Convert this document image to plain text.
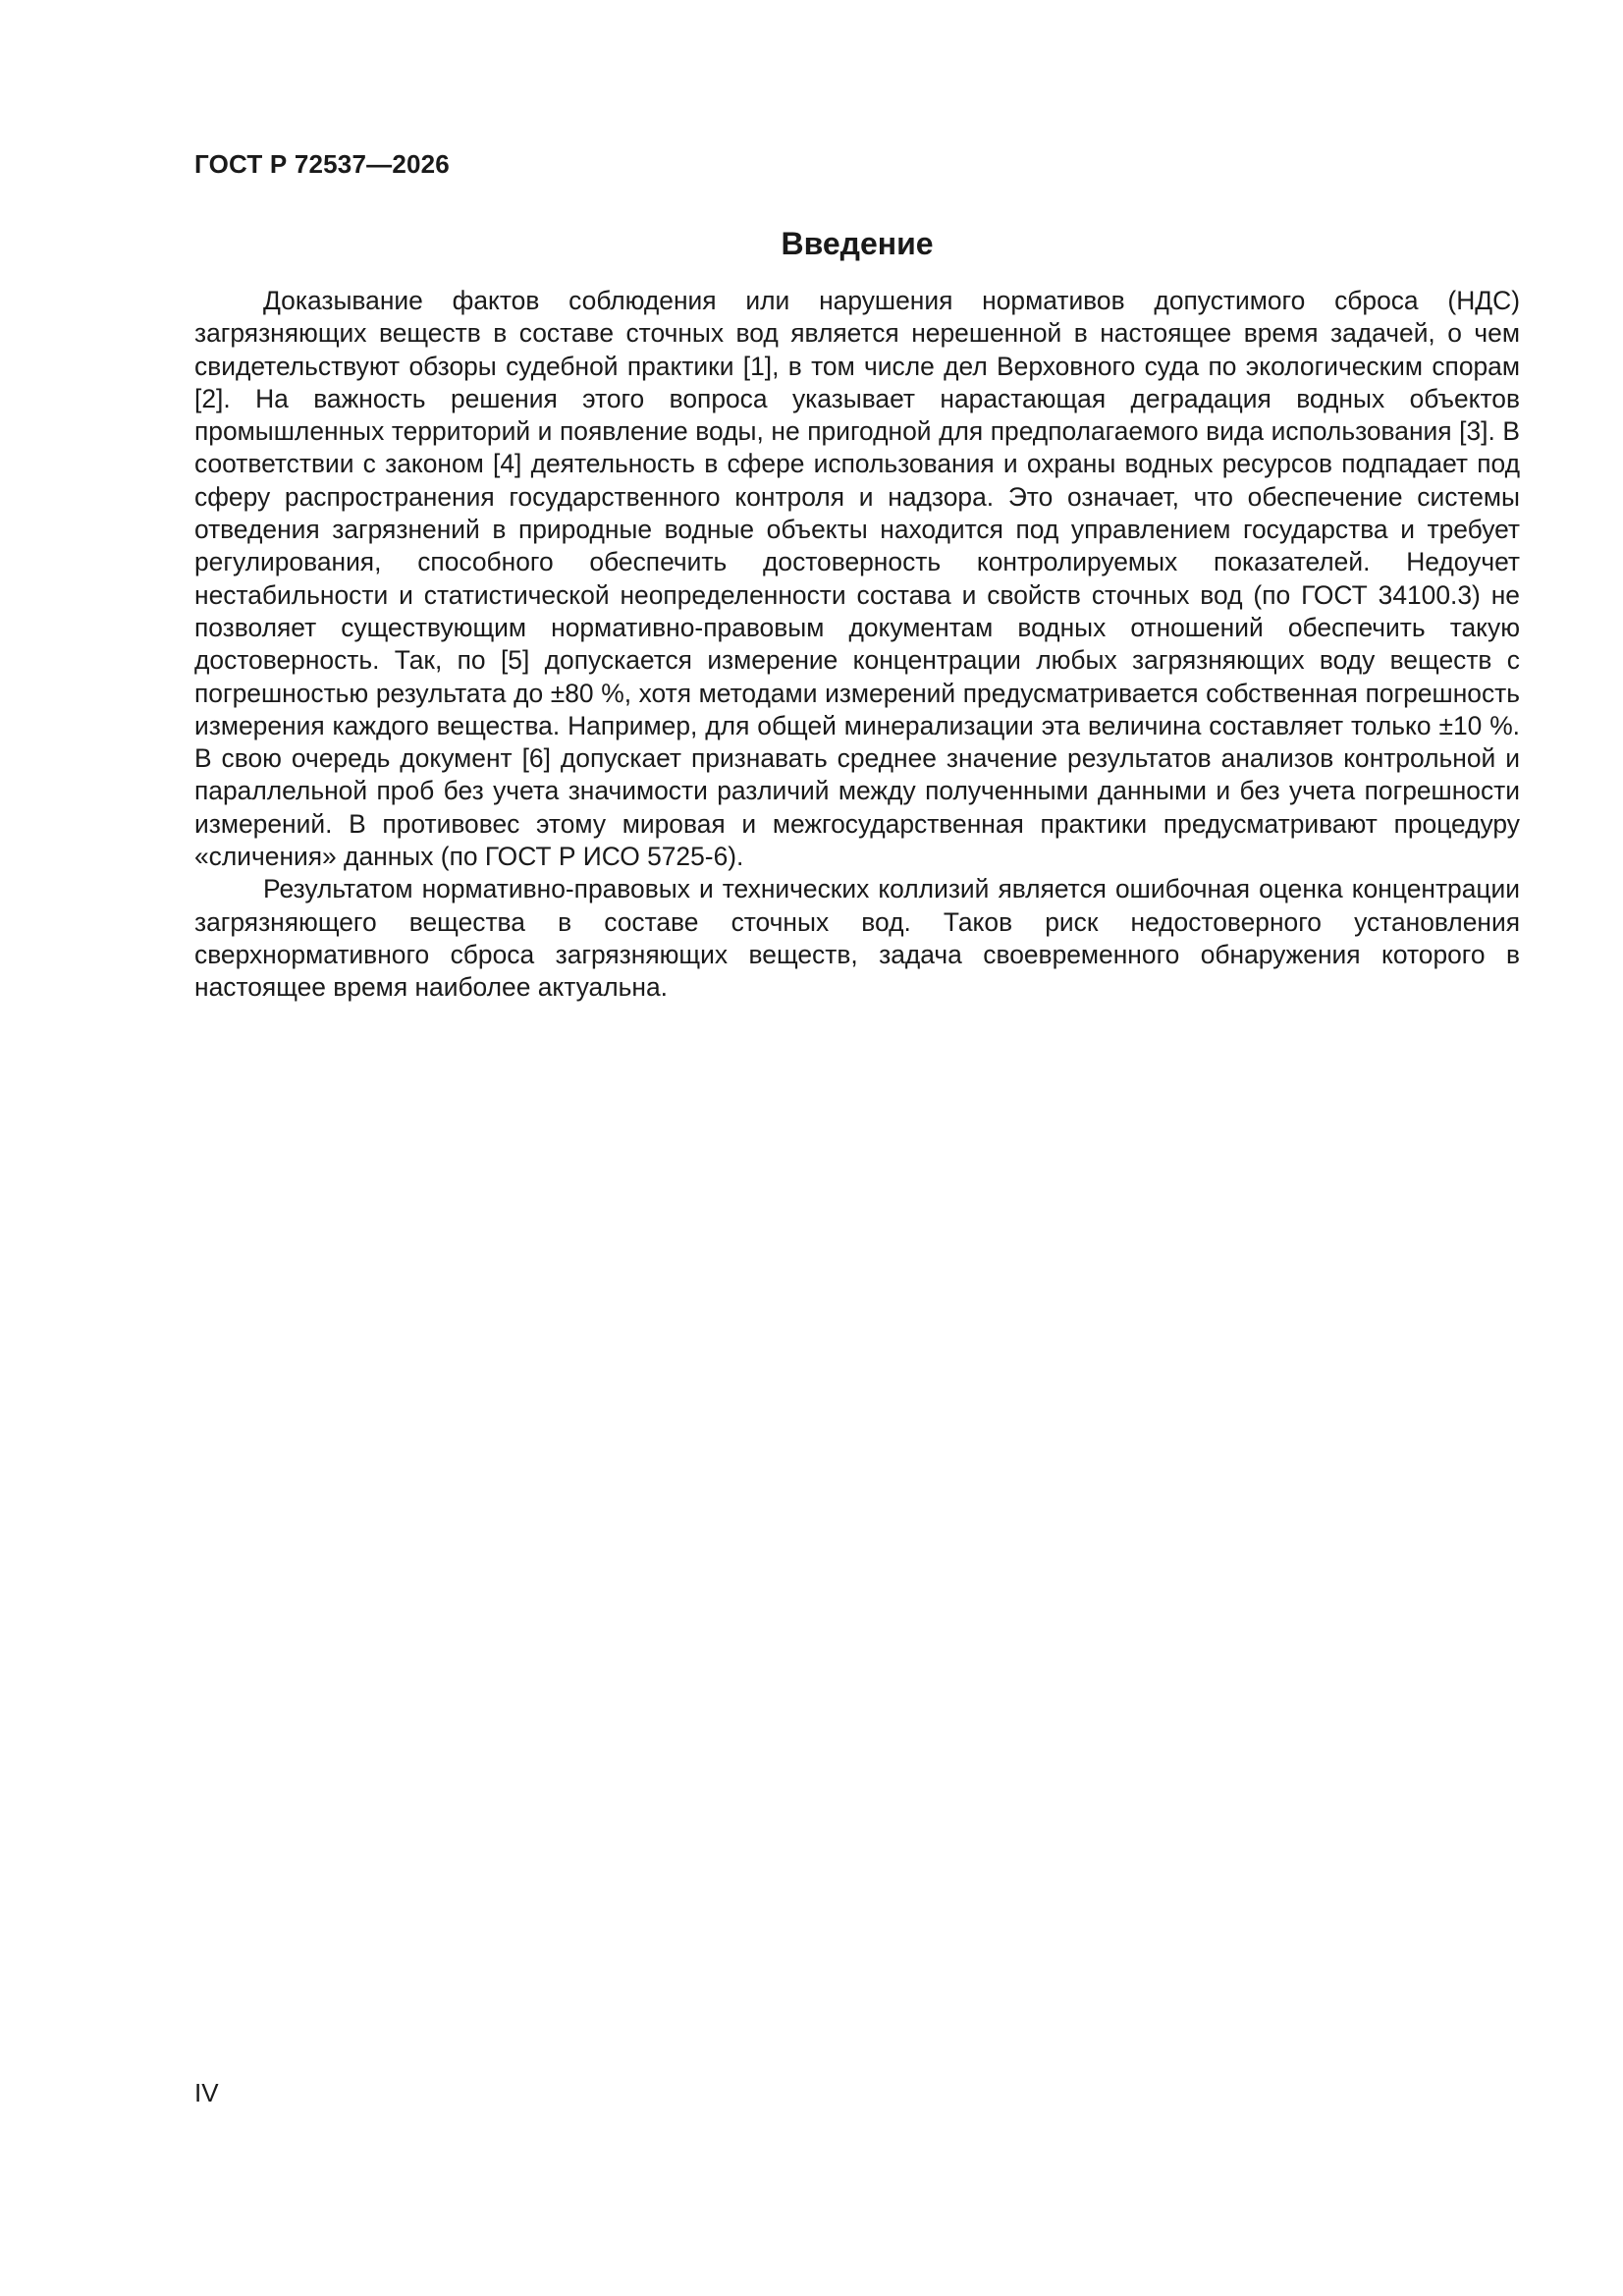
ГОСТ Р 72537—2026
Введение

Доказывание фактов соблюдения или нарушения нормативов допустимого сброса (НДС) загрязняющих веществ в составе сточных вод является нерешенной в настоящее время задачей, о чем свидетельствуют обзоры судебной практики [1], в том числе дел Верховного суда по экологическим спорам [2]. На важность решения этого вопроса указывает нарастающая деградация водных объектов промышленных территорий и появление воды, не пригодной для предполагаемого вида использования [3]. В соответствии с законом [4] деятельность в сфере использования и охраны водных ресурсов подпадает под сферу распространения государственного контроля и надзора. Это означает, что обеспечение системы отведения загрязнений в природные водные объекты находится под управлением государства и требует регулирования, способного обеспечить достоверность контролируемых показателей. Недоучет нестабильности и статистической неопределенности состава и свойств сточных вод (по ГОСТ 34100.3) не позволяет существующим нормативно-правовым документам водных отношений обеспечить такую достоверность. Так, по [5] допускается измерение концентрации любых загрязняющих воду веществ с погрешностью результата до ±80 %, хотя методами измерений предусматривается собственная погрешность измерения каждого вещества. Например, для общей минерализации эта величина составляет только ±10 %. В свою очередь документ [6] допускает признавать среднее значение результатов анализов контрольной и параллельной проб без учета значимости различий между полученными данными и без учета погрешности измерений. В противовес этому мировая и межгосударственная практики предусматривают процедуру «сличения» данных (по ГОСТ Р ИСО 5725-6).

Результатом нормативно-правовых и технических коллизий является ошибочная оценка концентрации загрязняющего вещества в составе сточных вод. Таков риск недостоверного установления сверхнормативного сброса загрязняющих веществ, задача своевременного обнаружения которого в настоящее время наиболее актуальна.

IV
